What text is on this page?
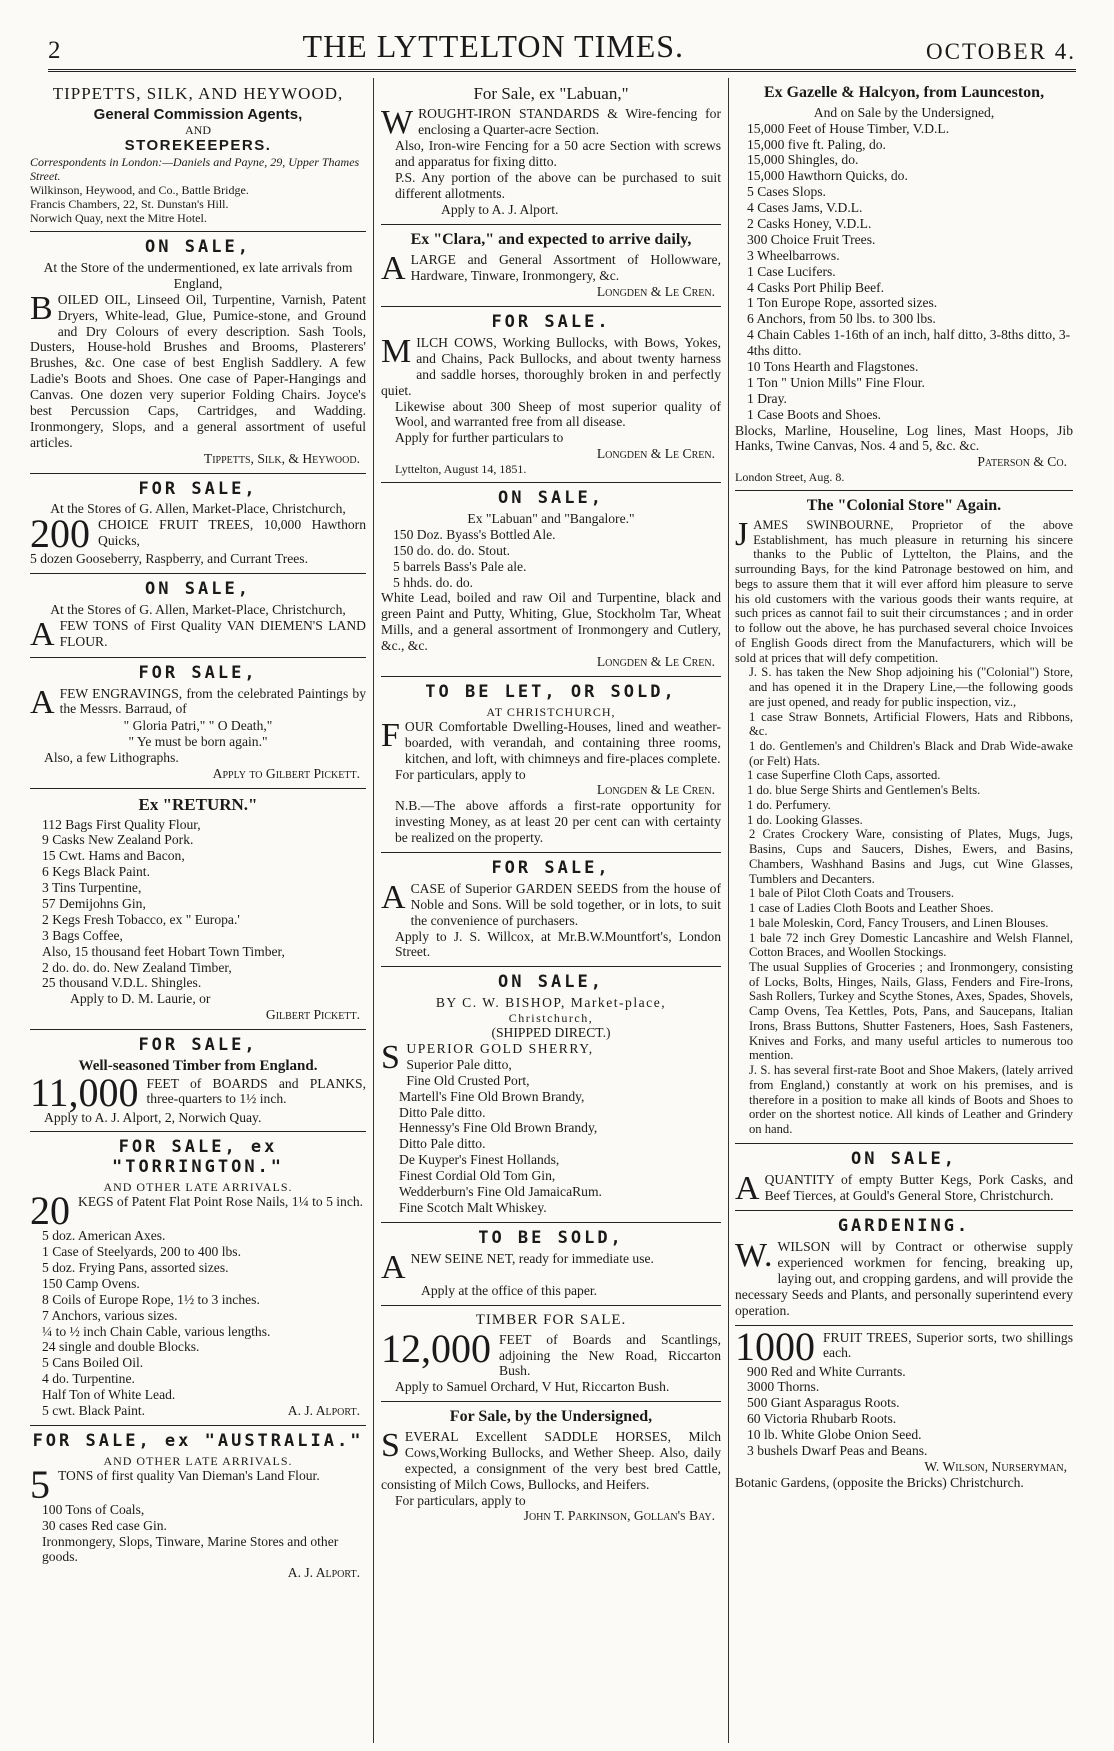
2	THE LYTTELTON TIMES.	OCTOBER 4.
TIPPETTS, SILK, AND HEYWOOD,
General Commission Agents,
AND
STOREKEEPERS.
Correspondents in London:—Daniels and Payne, 29, Upper Thames Street.
Wilkinson, Heywood, and Co., Battle Bridge.
Francis Chambers, 22, St. Dunstan's Hill.
Norwich Quay, next the Mitre Hotel.
ON SALE,
At the Store of the undermentioned, ex late arrivals from England,
BOILED OIL, Linseed Oil, Turpentine, Varnish, Patent Dryers, White-lead, Glue, Pumice-stone, and Ground and Dry Colours of every description. Sash Tools, Dusters, House-hold Brushes and Brooms, Plasterers' Brushes, &c. One case of best English Saddlery. A few Ladie's Boots and Shoes. One case of Paper-Hangings and Canvas. One dozen very superior Folding Chairs. Joyce's best Percussion Caps, Cartridges, and Wadding. Ironmongery, Slops, and a general assortment of useful articles.
Tippetts, Silk, & Heywood.
FOR SALE,
At the Stores of G. Allen, Market-Place, Christchurch,
200 CHOICE FRUIT TREES, 10,000 Hawthorn Quicks,
5 dozen Gooseberry, Raspberry, and Currant Trees.
ON SALE,
At the Stores of G. Allen, Market-Place, Christchurch,
AFEW TONS of First Quality VAN DIEMEN'S LAND FLOUR.
FOR SALE,
AFEW ENGRAVINGS, from the celebrated Paintings by the Messrs. Barraud, of
" Gloria Patri," " O Death,"
" Ye must be born again."
Also, a few Lithographs.
Apply to Gilbert Pickett.
Ex "RETURN."
112 Bags First Quality Flour,
9 Casks New Zealand Pork.
15 Cwt. Hams and Bacon,
6 Kegs Black Paint.
3 Tins Turpentine,
57 Demijohns Gin,
2 Kegs Fresh Tobacco, ex " Europa.'
3 Bags Coffee,
Also, 15 thousand feet Hobart Town Timber,
2 do. do. do. New Zealand Timber,
25 thousand V.D.L. Shingles.
Apply to D. M. Laurie, or
Gilbert Pickett.
FOR SALE,
Well-seasoned Timber from England.
11,000 FEET of BOARDS and PLANKS, three-quarters to 1½ inch.
Apply to A. J. Alport, 2, Norwich Quay.
FOR SALE, ex "TORRINGTON."
AND OTHER LATE ARRIVALS.
20 KEGS of Patent Flat Point Rose Nails, 1¼ to 5 inch.
5 doz. American Axes.
1 Case of Steelyards, 200 to 400 lbs.
5 doz. Frying Pans, assorted sizes.
150 Camp Ovens.
8 Coils of Europe Rope, 1½ to 3 inches.
7 Anchors, various sizes.
¼ to ½ inch Chain Cable, various lengths.
24 single and double Blocks.
5 Cans Boiled Oil.
4 do. Turpentine.
Half Ton of White Lead.
5 cwt. Black Paint.	A. J. Alport.
FOR SALE, ex "AUSTRALIA."
AND OTHER LATE ARRIVALS.
5 TONS of first quality Van Dieman's Land Flour.
100 Tons of Coals,
30 cases Red case Gin.
Ironmongery, Slops, Tinware, Marine Stores and other goods.
A. J. Alport.
For Sale, ex "Labuan,"
WROUGHT-IRON STANDARDS & Wire-fencing for enclosing a Quarter-acre Section.
Also, Iron-wire Fencing for a 50 acre Section with screws and apparatus for fixing ditto.
P.S. Any portion of the above can be purchased to suit different allotments.
Apply to A. J. Alport.
Ex "Clara," and expected to arrive daily,
ALARGE and General Assortment of Hollowware, Hardware, Tinware, Ironmongery, &c.
Longden & Le Cren.
FOR SALE.
MILCH COWS, Working Bullocks, with Bows, Yokes, and Chains, Pack Bullocks, and about twenty harness and saddle horses, thoroughly broken in and perfectly quiet.
Likewise about 300 Sheep of most superior quality of Wool, and warranted free from all disease.
Apply for further particulars to
Longden & Le Cren.
Lyttelton, August 14, 1851.
ON SALE,
Ex "Labuan" and "Bangalore."
150 Doz. Byass's Bottled Ale.
150 do. do. do. Stout.
5 barrels Bass's Pale ale.
5 hhds. do. do.
White Lead, boiled and raw Oil and Turpentine, black and green Paint and Putty, Whiting, Glue, Stockholm Tar, Wheat Mills, and a general assortment of Ironmongery and Cutlery, &c., &c.
Longden & Le Cren.
TO BE LET, OR SOLD,
AT CHRISTCHURCH,
FOUR Comfortable Dwelling-Houses, lined and weather-boarded, with verandah, and containing three rooms, kitchen, and loft, with chimneys and fire-places complete.
For particulars, apply to
Longden & Le Cren.
N.B.—The above affords a first-rate opportunity for investing Money, as at least 20 per cent can with certainty be realized on the property.
FOR SALE,
ACASE of Superior GARDEN SEEDS from the house of Noble and Sons. Will be sold together, or in lots, to suit the convenience of purchasers.
Apply to J. S. Willcox, at Mr.B.W.Mountfort's, London Street.
ON SALE,
BY C. W. BISHOP, Market-place,
Christchurch,
(SHIPPED DIRECT.)
SUPERIOR GOLD SHERRY,
Superior Pale ditto,
Fine Old Crusted Port,
Martell's Fine Old Brown Brandy,
Ditto Pale ditto.
Hennessy's Fine Old Brown Brandy,
Ditto Pale ditto.
De Kuyper's Finest Hollands,
Finest Cordial Old Tom Gin,
Wedderburn's Fine Old JamaicaRum.
Fine Scotch Malt Whiskey.
TO BE SOLD,
ANEW SEINE NET, ready for immediate use.
Apply at the office of this paper.
TIMBER FOR SALE.
12,000 FEET of Boards and Scantlings, adjoining the New Road, Riccarton Bush.
Apply to Samuel Orchard, V Hut, Riccarton Bush.
For Sale, by the Undersigned,
SEVERAL Excellent SADDLE HORSES, Milch Cows,Working Bullocks, and Wether Sheep. Also, daily expected, a consignment of the very best bred Cattle, consisting of Milch Cows, Bullocks, and Heifers.
For particulars, apply to
John T. Parkinson, Gollan's Bay.
Ex Gazelle & Halcyon, from Launceston,
And on Sale by the Undersigned,
15,000 Feet of House Timber, V.D.L.
15,000 five ft. Paling, do.
15,000 Shingles, do.
15,000 Hawthorn Quicks, do.
5 Cases Slops.
4 Cases Jams, V.D.L.
2 Casks Honey, V.D.L.
300 Choice Fruit Trees.
3 Wheelbarrows.
1 Case Lucifers.
4 Casks Port Philip Beef.
1 Ton Europe Rope, assorted sizes.
6 Anchors, from 50 lbs. to 300 lbs.
4 Chain Cables 1-16th of an inch, half ditto, 3-8ths ditto, 3-4ths ditto.
10 Tons Hearth and Flagstones.
1 Ton " Union Mills" Fine Flour.
1 Dray.
1 Case Boots and Shoes.
Blocks, Marline, Houseline, Log lines, Mast Hoops, Jib Hanks, Twine Canvas, Nos. 4 and 5, &c. &c.
Paterson & Co.
London Street, Aug. 8.
The "Colonial Store" Again.
JAMES SWINBOURNE, Proprietor of the above Establishment, has much pleasure in returning his sincere thanks to the Public of Lyttelton, the Plains, and the surrounding Bays, for the kind Patronage bestowed on him, and begs to assure them that it will ever afford him pleasure to serve his old customers with the various goods their wants require, at such prices as cannot fail to suit their circumstances ; and in order to follow out the above, he has purchased several choice Invoices of English Goods direct from the Manufacturers, which will be sold at prices that will defy competition.
J. S. has taken the New Shop adjoining his ("Colonial") Store, and has opened it in the Drapery Line,—the following goods are just opened, and ready for public inspection, viz.,
1 case Straw Bonnets, Artificial Flowers, Hats and Ribbons, &c.
1 do. Gentlemen's and Children's Black and Drab Wide-awake (or Felt) Hats.
1 case Superfine Cloth Caps, assorted.
1 do. blue Serge Shirts and Gentlemen's Belts.
1 do. Perfumery.
1 do. Looking Glasses.
2 Crates Crockery Ware, consisting of Plates, Mugs, Jugs, Basins, Cups and Saucers, Dishes, Ewers, and Basins, Chambers, Washhand Basins and Jugs, cut Wine Glasses, Tumblers and Decanters.
1 bale of Pilot Cloth Coats and Trousers.
1 case of Ladies Cloth Boots and Leather Shoes.
1 bale Moleskin, Cord, Fancy Trousers, and Linen Blouses.
1 bale 72 inch Grey Domestic Lancashire and Welsh Flannel, Cotton Braces, and Woollen Stockings.
The usual Supplies of Groceries ; and Ironmongery, consisting of Locks, Bolts, Hinges, Nails, Glass, Fenders and Fire-Irons, Sash Rollers, Turkey and Scythe Stones, Axes, Spades, Shovels, Camp Ovens, Tea Kettles, Pots, Pans, and Saucepans, Italian Irons, Brass Buttons, Shutter Fasteners, Hoes, Sash Fasteners, Knives and Forks, and many useful articles to numerous too mention.
J. S. has several first-rate Boot and Shoe Makers, (lately arrived from England,) constantly at work on his premises, and is therefore in a position to make all kinds of Boots and Shoes to order on the shortest notice. All kinds of Leather and Grindery on hand.
ON SALE,
AQUANTITY of empty Butter Kegs, Pork Casks, and Beef Tierces, at Gould's General Store, Christchurch.
GARDENING.
W. WILSON will by Contract or otherwise supply experienced workmen for fencing, breaking up, laying out, and cropping gardens, and will provide the necessary Seeds and Plants, and personally superintend every operation.
1000 FRUIT TREES, Superior sorts, two shillings each.
900 Red and White Currants.
3000 Thorns.
500 Giant Asparagus Roots.
60 Victoria Rhubarb Roots.
10 lb. White Globe Onion Seed.
3 bushels Dwarf Peas and Beans.
W. Wilson, Nurseryman,
Botanic Gardens, (opposite the Bricks) Christchurch.
